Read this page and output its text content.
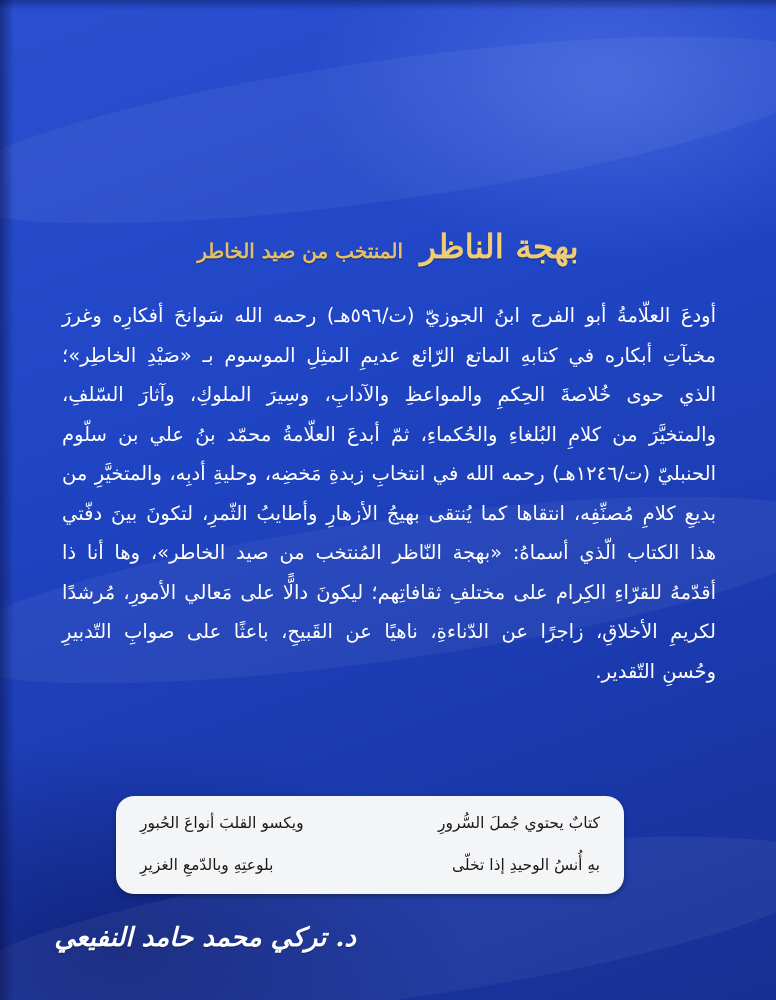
بهجة الناظر المنتخب من صيد الخاطر

أودعَ العلّامةُ أبو الفرج ابنُ الجوزيّ (ت/٥٩٦هـ) رحمه الله سَوانحَ أفكارِه وغررَ مخبآتِ أبكاره في كتابهِ الماتع الرّائع عديمِ المثِلِ الموسوم بـ «صَيْدِ الخاطِر»؛ الذي حوى خُلاصةَ الحِكمِ والمواعظِ والآدابِ، وسِيرَ الملوكِ، وآثارَ السّلفِ، والمتخيَّرَ من كلامِ البُلغاءِ والحُكماءِ، ثمّ أبدعَ العلّامةُ محمّد بنُ علي بن سلّوم الحنبليّ (ت/١٢٤٦هـ) رحمه الله في انتخابِ زبدةِ مَخضِه، وحليةِ أدبِه، والمتخيَّرِ من بديعِ كلامِ مُصنِّفِه، انتقاها كما يُنتقى بهيجُ الأزهارِ وأطايبُ الثّمرِ، لتكونَ بينَ دفّتي هذا الكتاب الّذي أسماهُ: «بهجة النّاظر المُنتخب من صيد الخاطر»، وها أنا ذا أقدّمهُ للقرّاءِ الكِرام على مختلفِ ثقافاتِهم؛ ليكونَ دالًّا على مَعالي الأمورِ، مُرشدًا لكريمِ الأخلاقِ، زاجرًا عن الدّناءةِ، ناهيًا عن القَبيحِ، باعثًا على صوابِ التّدبيرِ وحُسنِ التّقدير.

كتابٌ يحتوي جُملَ السُّرورِ
ويكسو القلبَ أنواعَ الحُبورِ
بهِ أُنسُ الوحيدِ إذا تخلّى
بلوعتِهِ وبالدّمعِ الغزيرِ

د. تركي محمد حامد النفيعي
